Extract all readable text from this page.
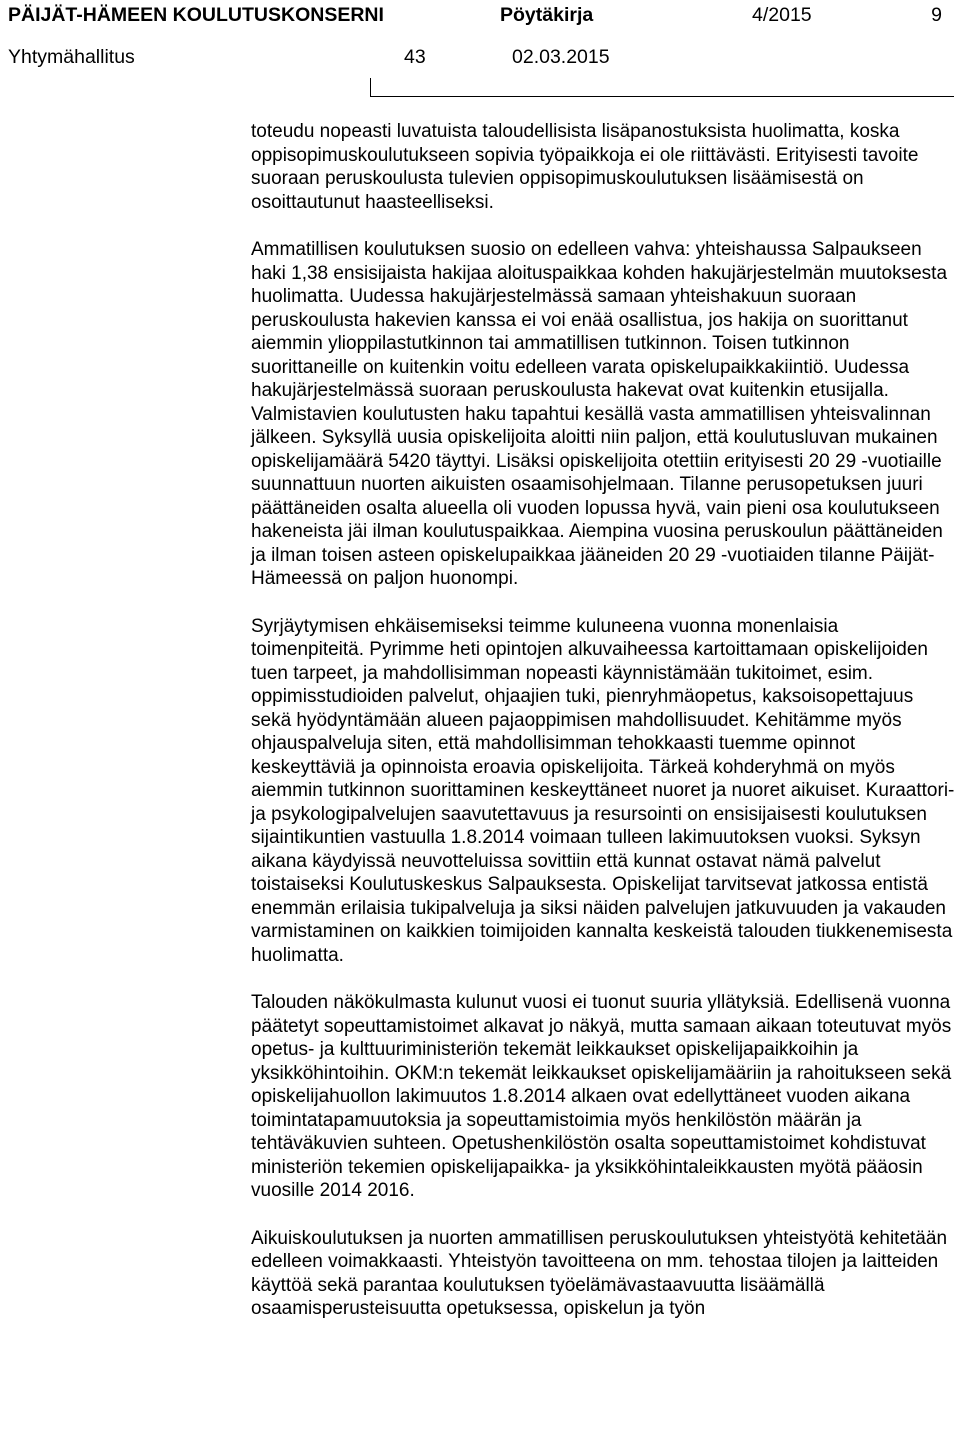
PÄIJÄT-HÄMEEN KOULUTUSKONSERNI	Pöytäkirja	4/2015	9
Yhtymähallitus	43	02.03.2015

toteudu nopeasti luvatuista taloudellisista lisäpanostuksista huolimatta, koska oppisopimuskoulutukseen sopivia työpaikkoja ei ole riittävästi. Erityisesti tavoite suoraan peruskoulusta tulevien oppisopimuskoulutuksen lisäämisestä on osoittautunut haasteelliseksi.

Ammatillisen koulutuksen suosio on edelleen vahva: yhteishaussa Salpaukseen haki 1,38 ensisijaista hakijaa aloituspaikkaa kohden hakujärjestelmän muutoksesta huolimatta. Uudessa hakujärjestelmässä samaan yhteishakuun suoraan peruskoulusta hakevien kanssa ei voi enää osallistua, jos hakija on suorittanut aiemmin ylioppilastutkinnon tai ammatillisen tutkinnon. Toisen tutkinnon suorittaneille on kuitenkin voitu edelleen varata opiskelupaikkakiintiö. Uudessa hakujärjestelmässä suoraan peruskoulusta hakevat ovat kuitenkin etusijalla. Valmistavien koulutusten haku tapahtui kesällä vasta ammatillisen yhteisvalinnan jälkeen. Syksyllä uusia opiskelijoita aloitti niin paljon, että koulutusluvan mukainen opiskelijamäärä 5420 täyttyi. Lisäksi opiskelijoita otettiin erityisesti 20 29 -vuotiaille suunnattuun nuorten aikuisten osaamisohjelmaan. Tilanne perusopetuksen juuri päättäneiden osalta alueella oli vuoden lopussa hyvä, vain pieni osa koulutukseen hakeneista jäi ilman koulutuspaikkaa. Aiempina vuosina peruskoulun päättäneiden ja ilman toisen asteen opiskelupaikkaa jääneiden 20 29 -vuotiaiden tilanne Päijät-Hämeessä on paljon huonompi.

Syrjäytymisen ehkäisemiseksi teimme kuluneena vuonna monenlaisia toimenpiteitä. Pyrimme heti opintojen alkuvaiheessa kartoittamaan opiskelijoiden tuen tarpeet, ja mahdollisimman nopeasti käynnistämään tukitoimet, esim. oppimisstudioiden palvelut, ohjaajien tuki, pienryhmäopetus, kaksoisopettajuus sekä hyödyntämään alueen pajaoppimisen mahdollisuudet. Kehitämme myös ohjauspalveluja siten, että mahdollisimman tehokkaasti tuemme opinnot keskeyttäviä ja opinnoista eroavia opiskelijoita. Tärkeä kohderyhmä on myös aiemmin tutkinnon suorittaminen keskeyttäneet nuoret ja nuoret aikuiset. Kuraattori- ja psykologipalvelujen saavutettavuus ja resursointi on ensisijaisesti koulutuksen sijaintikuntien vastuulla 1.8.2014 voimaan tulleen lakimuutoksen vuoksi. Syksyn aikana käydyissä neuvotteluissa sovittiin että kunnat ostavat nämä palvelut toistaiseksi Koulutuskeskus Salpauksesta. Opiskelijat tarvitsevat jatkossa entistä enemmän erilaisia tukipalveluja ja siksi näiden palvelujen jatkuvuuden ja vakauden varmistaminen on kaikkien toimijoiden kannalta keskeistä talouden tiukkenemisesta huolimatta.

Talouden näkökulmasta kulunut vuosi ei tuonut suuria yllätyksiä. Edellisenä vuonna päätetyt sopeuttamistoimet alkavat jo näkyä, mutta samaan aikaan toteutuvat myös opetus- ja kulttuuriministeriön tekemät leikkaukset opiskelijapaikkoihin ja yksikköhintoihin. OKM:n tekemät leikkaukset opiskelijamääriin ja rahoitukseen sekä opiskelijahuollon lakimuutos 1.8.2014 alkaen ovat edellyttäneet vuoden aikana toimintatapamuutoksia ja sopeuttamistoimia myös henkilöstön määrän ja tehtäväkuvien suhteen. Opetushenkilöstön osalta sopeuttamistoimet kohdistuvat ministeriön tekemien opiskelijapaikka- ja yksikköhintaleikkausten myötä pääosin vuosille 2014 2016.

Aikuiskoulutuksen ja nuorten ammatillisen peruskoulutuksen yhteistyötä kehitetään edelleen voimakkaasti. Yhteistyön tavoitteena on mm. tehostaa tilojen ja laitteiden käyttöä sekä parantaa koulutuksen työelämävastaavuutta lisäämällä osaamisperusteisuutta opetuksessa, opiskelun ja työn
